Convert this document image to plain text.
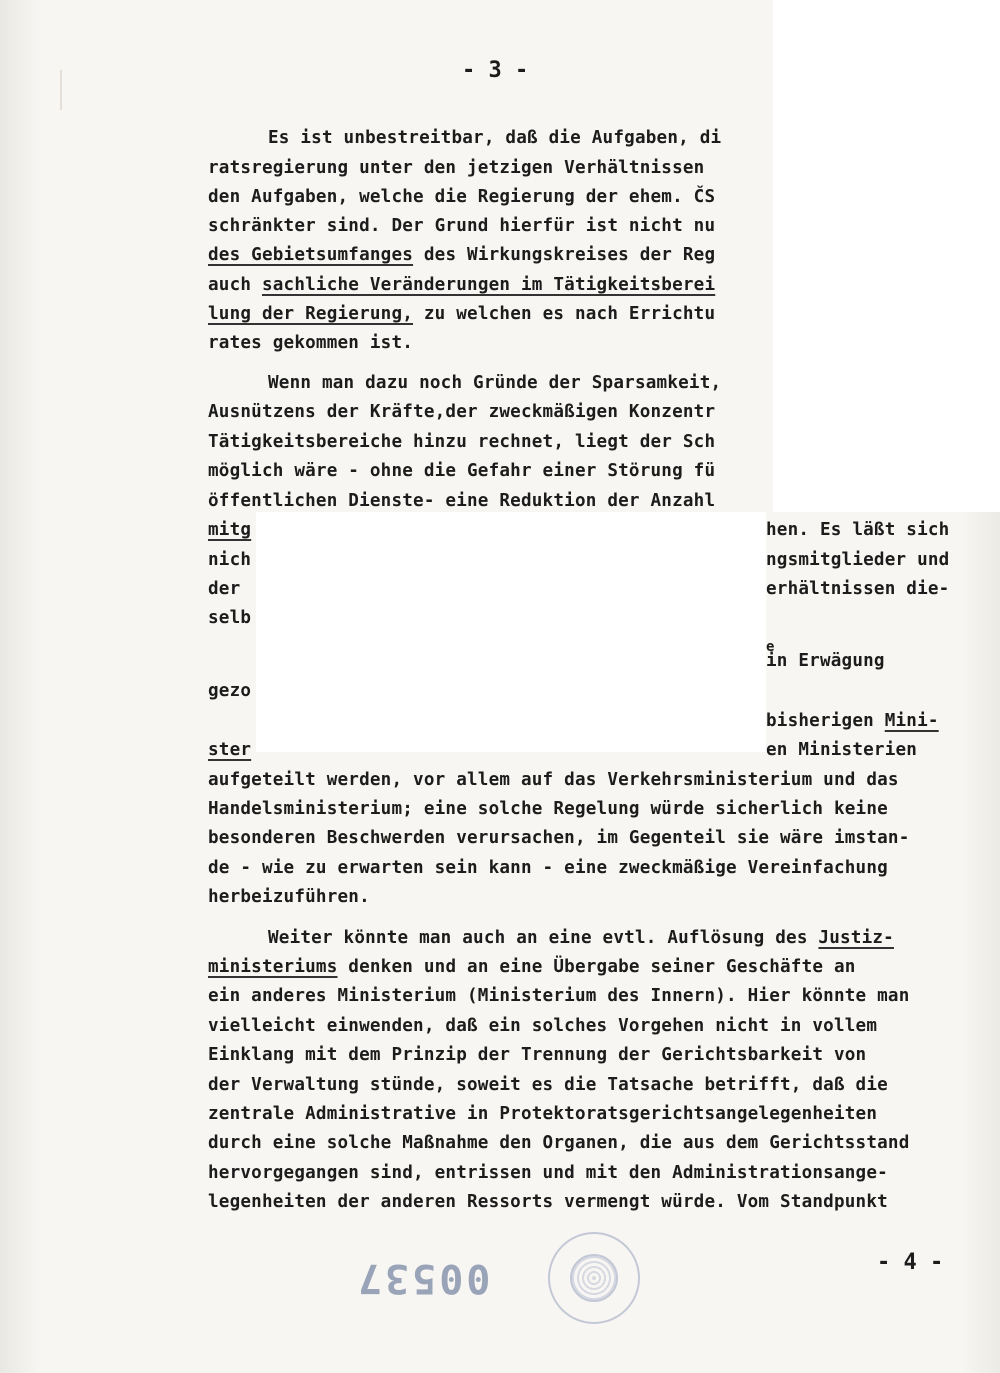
- 3 -
Es ist unbestreitbar, daß die Aufgaben, di
ratsregierung unter den jetzigen Verhältnissen
den Aufgaben, welche die Regierung der ehem. ČS
schränkter sind. Der Grund hierfür ist nicht nu
des Gebietsumfanges des Wirkungskreises der Reg
auch sachliche Veränderungen im Tätigkeitsberei
lung der Regierung, zu welchen es nach Errichtu
rates gekommen ist.
Wenn man dazu noch Gründe der Sparsamkeit,
Ausnützens der Kräfte,der zweckmäßigen Konzentr
Tätigkeitsbereiche hinzu rechnet, liegt der Sch
möglich wäre - ohne die Gefahr einer Störung fü
öffentlichen Dienste- eine Reduktion der Anzahl
mitg	hen. Es läßt sich
nich	ngsmitglieder und
der	erhältnissen die-
selb
e
in Erwägung
gezo
bisherigen Mini-
ster	en Ministerien
aufgeteilt werden, vor allem auf das Verkehrsministerium und das
Handelsministerium; eine solche Regelung würde sicherlich keine
besonderen Beschwerden verursachen, im Gegenteil sie wäre imstan-
de - wie zu erwarten sein kann - eine zweckmäßige Vereinfachung
herbeizuführen.
Weiter könnte man auch an eine evtl. Auflösung des Justiz-
ministeriums denken und an eine Übergabe seiner Geschäfte an
ein anderes Ministerium (Ministerium des Innern). Hier könnte man
vielleicht einwenden, daß ein solches Vorgehen nicht in vollem
Einklang mit dem Prinzip der Trennung der Gerichtsbarkeit von
der Verwaltung stünde, soweit es die Tatsache betrifft, daß die
zentrale Administrative in Protektoratsgerichtsangelegenheiten
durch eine solche Maßnahme den Organen, die aus dem Gerichtsstand
hervorgegangen sind, entrissen und mit den Administrationsange-
legenheiten der anderen Ressorts vermengt würde. Vom Standpunkt
- 4 -
00537
